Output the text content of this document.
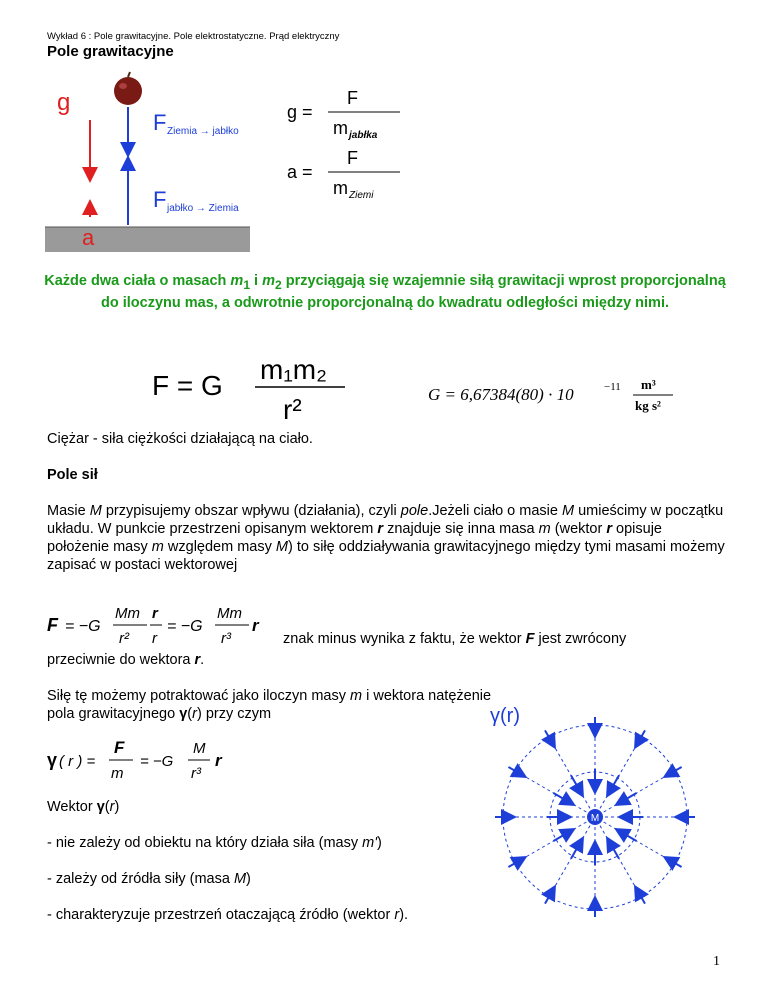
Wykład 6 : Pole grawitacyjne. Pole elektrostatyczne. Prąd elektryczny
Pole grawitacyjne
g
a
F Ziemia → jabłko
F jabłko → Ziemia
g =
F
m jabłka
a =
F
m Ziemi
Każde dwa ciała o masach $m_1$ i $m_2$ przyciągają się wzajemnie siłą grawitacji wprost proporcjonalną do iloczynu mas, a odwrotnie proporcjonalną do kwadratu odległości między nimi.
F = G
m₁m₂
r²	G = 6,67384(80) · 10	−11 m³
kg s²
Ciężar - siła ciężkości działającą na ciało.
Pole sił
Masie M przypisujemy obszar wpływu (działania), czyli pole.Jeżeli ciało o masie M umieścimy w początku układu. W punkcie przestrzeni opisanym wektorem r znajduje się inna masa m (wektor r opisuje położenie masy m względem masy M) to siłę oddziaływania grawitacyjnego między tymi masami możemy zapisać w postaci wektorowej
F = −G
Mm
r²
r
r
= −G
Mm
r³
r
znak minus wynika z faktu, że wektor F jest zwrócony
przeciwnie do wektora r.
Siłę tę możemy potraktować jako iloczyn masy m i wektora natężenie pola grawitacyjnego γ(r) przy czym
γ ( r ) =
F
m
= −G
M
r³
r
γ(r)
M
Wektor γ(r)
- nie zależy od obiektu na który działa siła (masy m')
- zależy od źródła siły (masa M)
- charakteryzuje przestrzeń otaczającą źródło (wektor r).
1
